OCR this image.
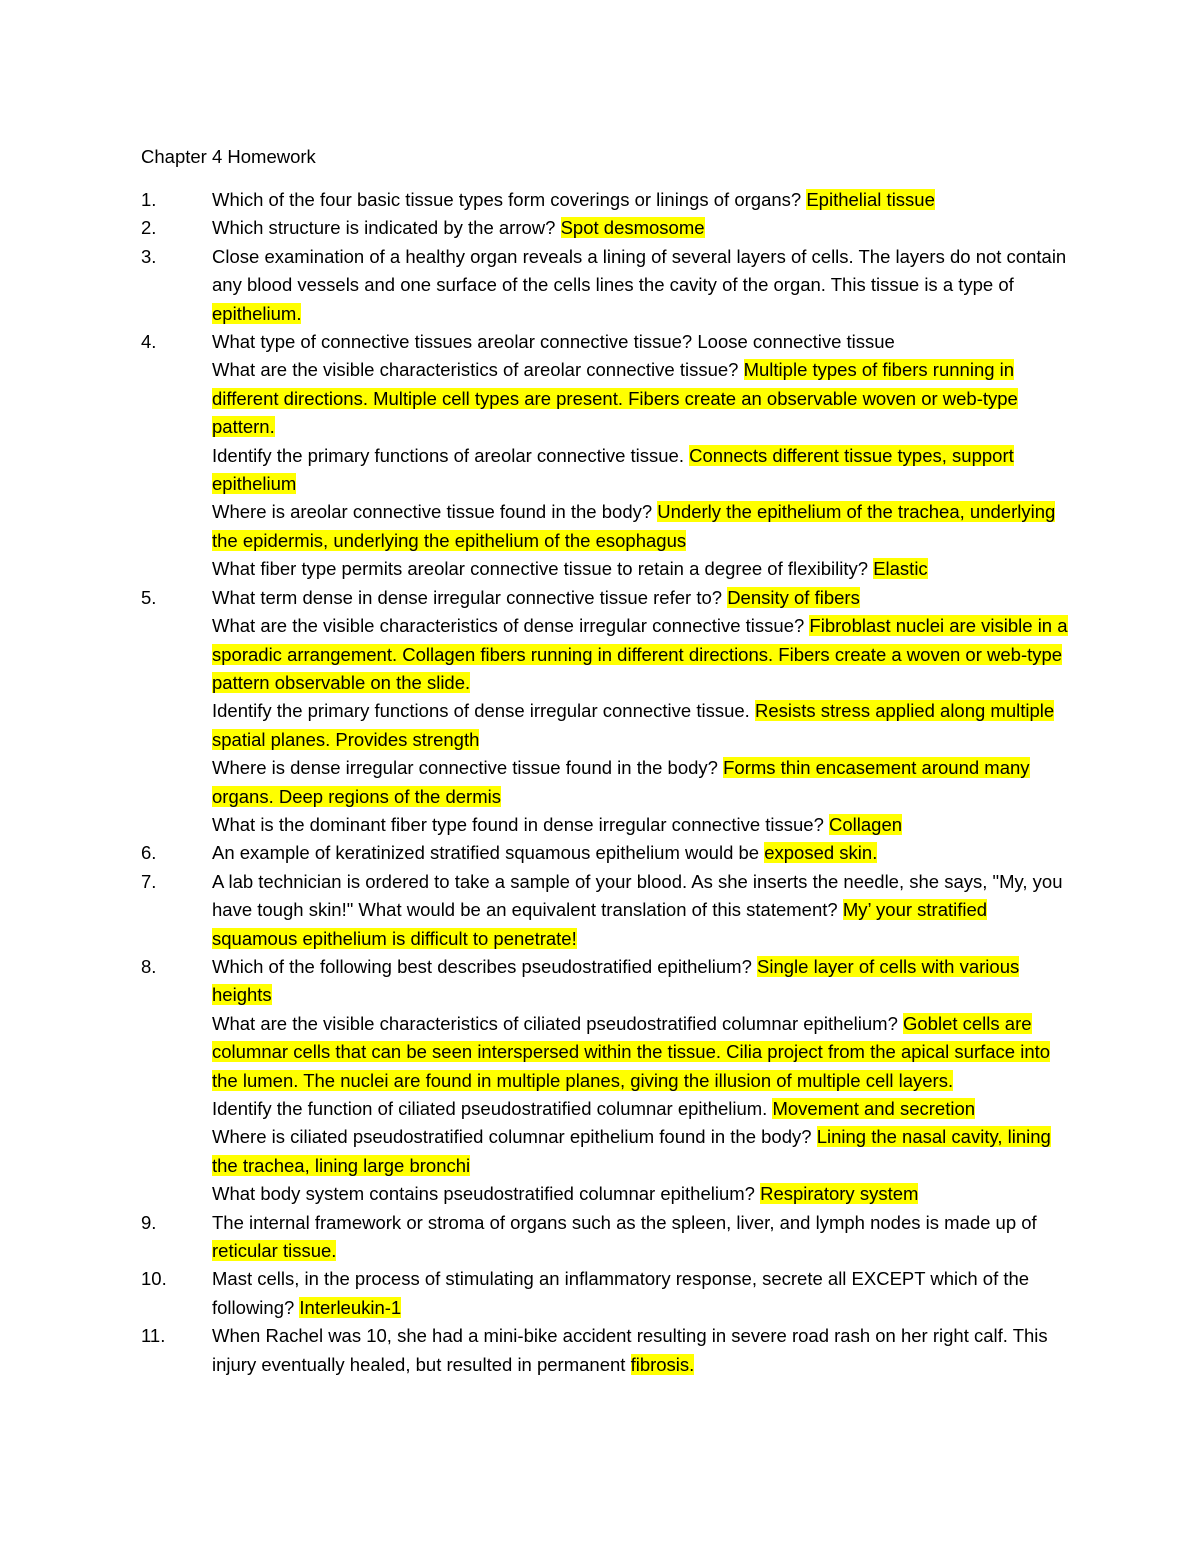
Chapter 4 Homework
1.	Which of the four basic tissue types form coverings or linings of organs? Epithelial tissue
2.	Which structure is indicated by the arrow? Spot desmosome
3.	Close examination of a healthy organ reveals a lining of several layers of cells. The layers do not contain any blood vessels and one surface of the cells lines the cavity of the organ. This tissue is a type of epithelium.
4.	What type of connective tissues areolar connective tissue? Loose connective tissue
What are the visible characteristics of areolar connective tissue? Multiple types of fibers running in different directions. Multiple cell types are present. Fibers create an observable woven or web-type pattern.
Identify the primary functions of areolar connective tissue. Connects different tissue types, support epithelium
Where is areolar connective tissue found in the body? Underly the epithelium of the trachea, underlying the epidermis, underlying the epithelium of the esophagus
What fiber type permits areolar connective tissue to retain a degree of flexibility? Elastic
5.	What term dense in dense irregular connective tissue refer to? Density of fibers
What are the visible characteristics of dense irregular connective tissue? Fibroblast nuclei are visible in a sporadic arrangement. Collagen fibers running in different directions. Fibers create a woven or web-type pattern observable on the slide.
Identify the primary functions of dense irregular connective tissue. Resists stress applied along multiple spatial planes. Provides strength
Where is dense irregular connective tissue found in the body? Forms thin encasement around many organs. Deep regions of the dermis
What is the dominant fiber type found in dense irregular connective tissue? Collagen
6.	An example of keratinized stratified squamous epithelium would be exposed skin.
7.	A lab technician is ordered to take a sample of your blood. As she inserts the needle, she says, "My, you have tough skin!" What would be an equivalent translation of this statement? My’ your stratified squamous epithelium is difficult to penetrate!
8.	Which of the following best describes pseudostratified epithelium? Single layer of cells with various heights
What are the visible characteristics of ciliated pseudostratified columnar epithelium? Goblet cells are columnar cells that can be seen interspersed within the tissue. Cilia project from the apical surface into the lumen. The nuclei are found in multiple planes, giving the illusion of multiple cell layers.
Identify the function of ciliated pseudostratified columnar epithelium. Movement and secretion
Where is ciliated pseudostratified columnar epithelium found in the body? Lining the nasal cavity, lining the trachea, lining large bronchi
What body system contains pseudostratified columnar epithelium? Respiratory system
9.	The internal framework or stroma of organs such as the spleen, liver, and lymph nodes is made up of reticular tissue.
10. Mast cells, in the process of stimulating an inflammatory response, secrete all EXCEPT which of the following? Interleukin-1
11.	When Rachel was 10, she had a mini-bike accident resulting in severe road rash on her right calf. This injury eventually healed, but resulted in permanent fibrosis.
